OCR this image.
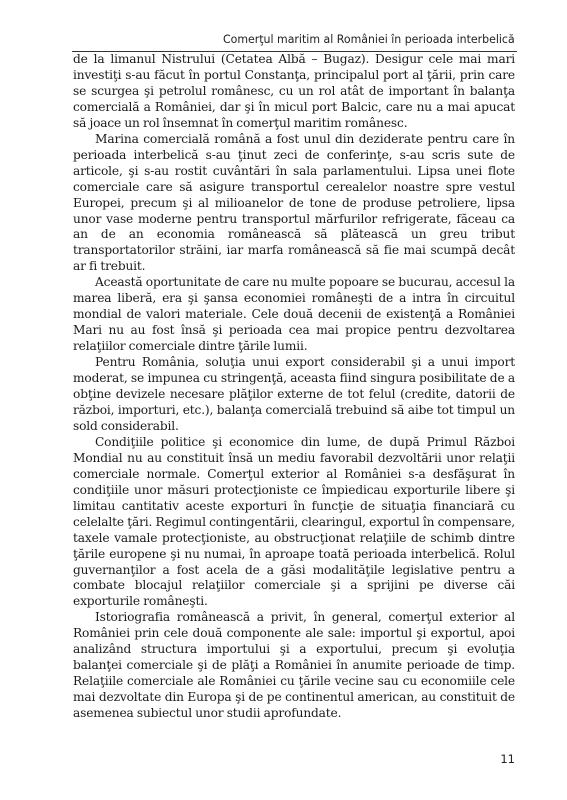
Comerţul maritim al României în perioada interbelică

de la limanul Nistrului (Cetatea Albă – Bugaz). Desigur cele mai mari investiţi s-au făcut în portul Constanţa, principalul port al ţării, prin care se scurgea şi petrolul românesc, cu un rol atât de important în balanţa comercială a României, dar şi în micul port Balcic, care nu a mai apucat să joace un rol însemnat în comerţul maritim românesc.

Marina comercială română a fost unul din deziderate pentru care în perioada interbelică s-au ţinut zeci de conferinţe, s-au scris sute de articole, şi s-au rostit cuvântări în sala parlamentului. Lipsa unei flote comerciale care să asigure transportul cerealelor noastre spre vestul Europei, precum şi al milioanelor de tone de produse petroliere, lipsa unor vase moderne pentru transportul mărfurilor refrigerate, făceau ca an de an economia românească să plătească un greu tribut transportatorilor străini, iar marfa românească să fie mai scumpă decât ar fi trebuit.

Această oportunitate de care nu multe popoare se bucurau, accesul la marea liberă, era şi şansa economiei româneşti de a intra în circuitul mondial de valori materiale. Cele două decenii de existenţă a României Mari nu au fost însă şi perioada cea mai propice pentru dezvoltarea relaţiilor comerciale dintre ţările lumii.

Pentru România, soluţia unui export considerabil şi a unui import moderat, se impunea cu stringenţă, aceasta fiind singura posibilitate de a obţine devizele necesare plăţilor externe de tot felul (credite, datorii de război, importuri, etc.), balanţa comercială trebuind să aibe tot timpul un sold considerabil.

Condiţiile politice şi economice din lume, de după Primul Război Mondial nu au constituit însă un mediu favorabil dezvoltării unor relaţii comerciale normale. Comerţul exterior al României s-a desfăşurat în condiţiile unor măsuri protecţioniste ce împiedicau exporturile libere şi limitau cantitativ aceste exporturi în funcţie de situaţia financiară cu celelalte ţări. Regimul contingentării, clearingul, exportul în compensare, taxele vamale protecţioniste, au obstrucţionat relaţiile de schimb dintre ţările europene şi nu numai, în aproape toată perioada interbelică. Rolul guvernanţilor a fost acela de a găsi modalităţile legislative pentru a combate blocajul relaţiilor comerciale şi a sprijini pe diverse căi exporturile româneşti.

Istoriografia românească a privit, în general, comerţul exterior al României prin cele două componente ale sale: importul şi exportul, apoi analizând structura importului şi a exportului, precum şi evoluţia balanţei comerciale şi de plăţi a României în anumite perioade de timp. Relaţiile comerciale ale României cu ţările vecine sau cu economiile cele mai dezvoltate din Europa şi de pe continentul american, au constituit de asemenea subiectul unor studii aprofundate.

11
